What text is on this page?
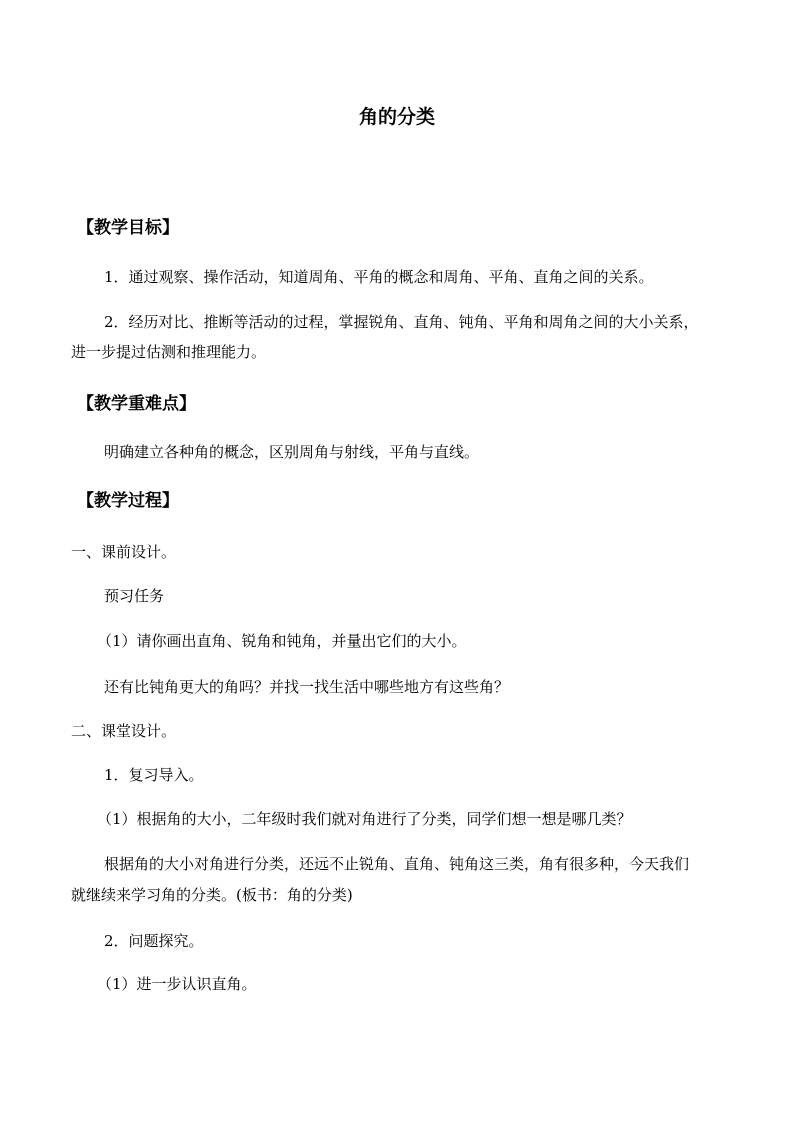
角的分类
【教学目标】
1．通过观察、操作活动，知道周角、平角的概念和周角、平角、直角之间的关系。
2．经历对比、推断等活动的过程，掌握锐角、直角、钝角、平角和周角之间的大小关系，
进一步提过估测和推理能力。
【教学重难点】
明确建立各种角的概念，区别周角与射线，平角与直线。
【教学过程】
一、课前设计。
预习任务
（1）请你画出直角、锐角和钝角，并量出它们的大小。
还有比钝角更大的角吗？并找一找生活中哪些地方有这些角？
二、课堂设计。
1．复习导入。
（1）根据角的大小，二年级时我们就对角进行了分类，同学们想一想是哪几类？
根据角的大小对角进行分类，还远不止锐角、直角、钝角这三类，角有很多种，今天我们
就继续来学习角的分类。(板书：角的分类)
2．问题探究。
（1）进一步认识直角。
